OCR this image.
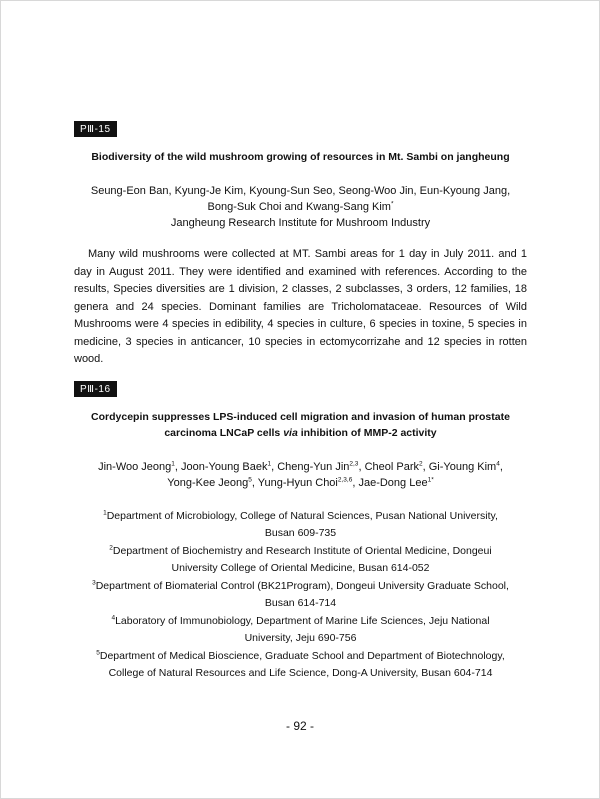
PⅢ-15
Biodiversity of the wild mushroom growing of resources in Mt. Sambi on jangheung
Seung-Eon Ban, Kyung-Je Kim, Kyoung-Sun Seo, Seong-Woo Jin, Eun-Kyoung Jang,
Bong-Suk Choi and Kwang-Sang Kim*
Jangheung Research Institute for Mushroom Industry

Many wild mushrooms were collected at MT. Sambi areas for 1 day in July 2011. and 1 day in August 2011. They were identified and examined with references. According to the results, Species diversities are 1 division, 2 classes, 2 subclasses, 3 orders, 12 families, 18 genera and 24 species. Dominant families are Tricholomataceae. Resources of Wild Mushrooms were 4 species in edibility, 4 species in culture, 6 species in toxine, 5 species in medicine, 3 species in anticancer, 10 species in ectomycorrizahe and 12 species in rotten wood.

PⅢ-16
Cordycepin suppresses LPS-induced cell migration and invasion of human prostate
carcinoma LNCaP cells via inhibition of MMP-2 activity
Jin-Woo Jeong$^1$, Joon-Young Baek$^1$, Cheng-Yun Jin$^{2,3}$, Cheol Park$^2$, Gi-Young Kim$^4$,
Yong-Kee Jeong$^5$, Yung-Hyun Choi$^{2,3,6}$, Jae-Dong Lee$^{1*}$
$^1$Department of Microbiology, College of Natural Sciences, Pusan National University,
Busan 609-735
$^2$Department of Biochemistry and Research Institute of Oriental Medicine, Dongeui
University College of Oriental Medicine, Busan 614-052
$^3$Department of Biomaterial Control (BK21Program), Dongeui University Graduate School,
Busan 614-714
$^4$Laboratory of Immunobiology, Department of Marine Life Sciences, Jeju National
University, Jeju 690-756
$^5$Department of Medical Bioscience, Graduate School and Department of Biotechnology,
College of Natural Resources and Life Science, Dong-A University, Busan 604-714
- 92 -
